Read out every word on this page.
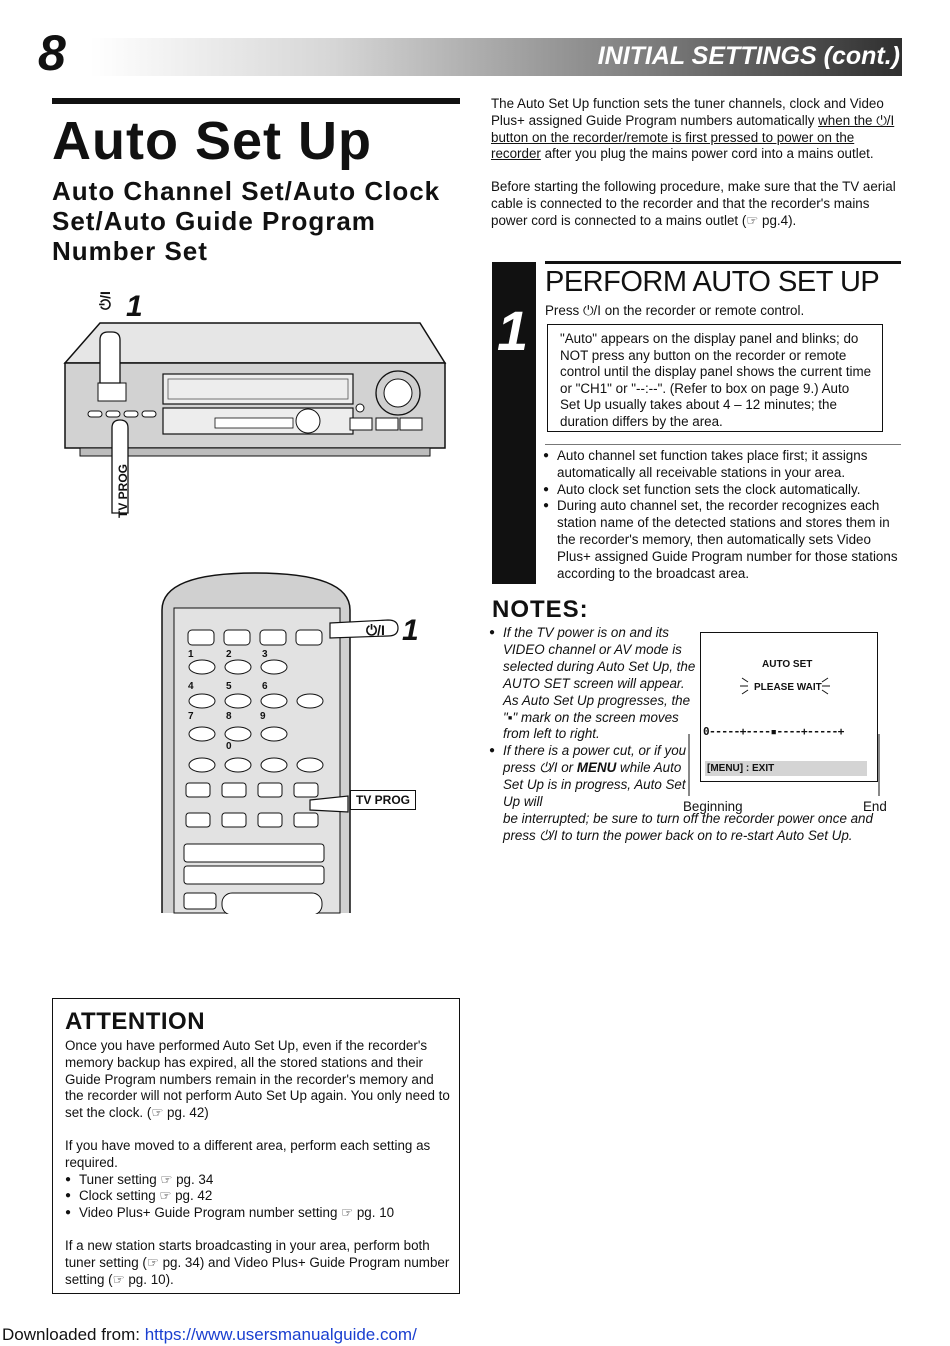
8	INITIAL SETTINGS (cont.)
Auto Set Up
Auto Channel Set/Auto Clock Set/Auto Guide Program Number Set
⏻/I 1
TV PROG
⏻/I 1
TV PROG
1	2	3
4	5	6
7	8	9
0

The Auto Set Up function sets the tuner channels, clock and Video Plus+ assigned Guide Program numbers automatically when the ⏻/I button on the recorder/remote is first pressed to power on the recorder after you plug the mains power cord into a mains outlet.

Before starting the following procedure, make sure that the TV aerial cable is connected to the recorder and that the recorder's mains power cord is connected to a mains outlet (☞ pg.4).

1
PERFORM AUTO SET UP
Press ⏻/I on the recorder or remote control.
"Auto" appears on the display panel and blinks; do NOT press any button on the recorder or remote control until the display panel shows the current time or "CH1" or "--:--". (Refer to box on page 9.) Auto Set Up usually takes about 4 – 12 minutes; the duration differs by the area.
● Auto channel set function takes place first; it assigns automatically all receivable stations in your area.
● Auto clock set function sets the clock automatically.
● During auto channel set, the recorder recognizes each station name of the detected stations and stores them in the recorder's memory, then automatically sets Video Plus+ assigned Guide Program number for those stations according to the broadcast area.
NOTES:
● If the TV power is on and its VIDEO channel or AV mode is selected during Auto Set Up, the AUTO SET screen will appear. As Auto Set Up progresses, the "▪" mark on the screen moves from left to right.
● If there is a power cut, or if you press ⏻/I or MENU while Auto Set Up is in progress, Auto Set Up will
be interrupted; be sure to turn off the recorder power once and press ⏻/I to turn the power back on to re-start Auto Set Up.
AUTO SET
PLEASE WAIT
0-----+----▪----+-----+
[MENU] : EXIT
Beginning	End
ATTENTION

Once you have performed Auto Set Up, even if the recorder's memory backup has expired, all the stored stations and their Guide Program numbers remain in the recorder's memory and the recorder will not perform Auto Set Up again. You only need to set the clock. (☞ pg. 42)

If you have moved to a different area, perform each setting as required.

● Tuner setting ☞ pg. 34
● Clock setting ☞ pg. 42
● Video Plus+ Guide Program number setting ☞ pg. 10

If a new station starts broadcasting in your area, perform both tuner setting (☞ pg. 34) and Video Plus+ Guide Program number setting (☞ pg. 10).

Downloaded from: https://www.usersmanualguide.com/
